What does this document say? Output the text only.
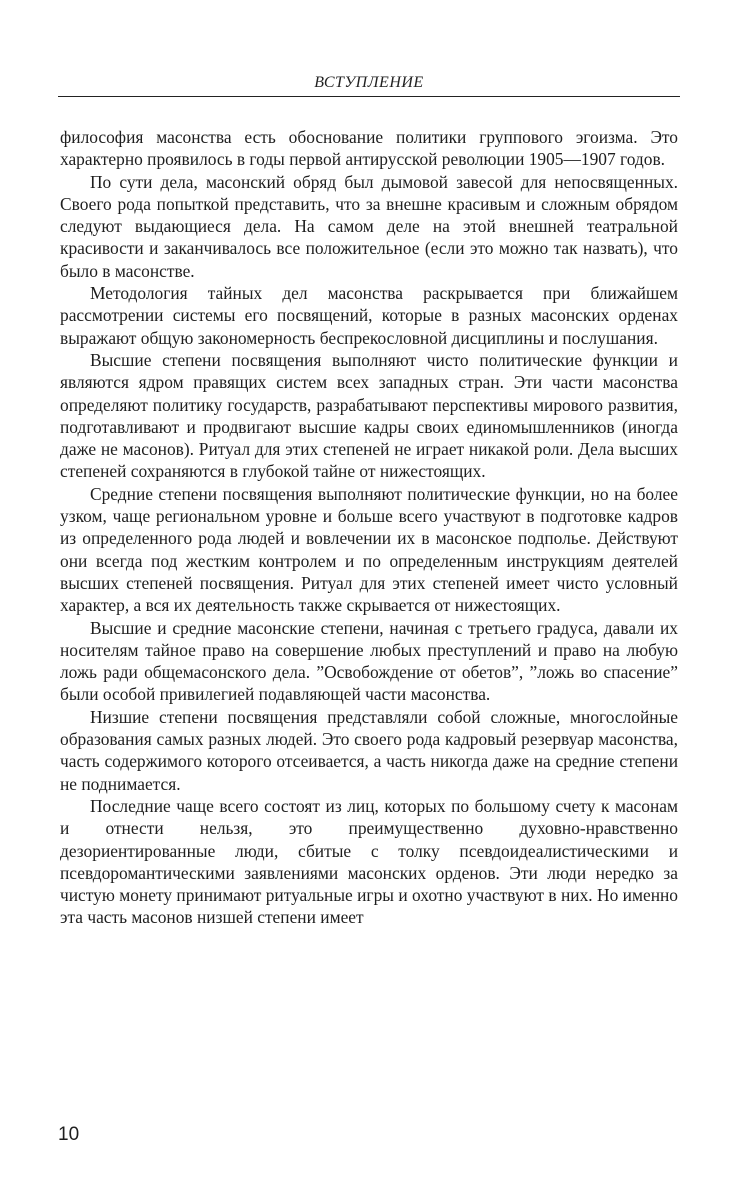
ВСТУПЛЕНИЕ

философия масонства есть обоснование политики группового эгоизма. Это характерно проявилось в годы первой антирусской революции 1905—1907 годов.

По сути дела, масонский обряд был дымовой завесой для непосвященных. Своего рода попыткой представить, что за внешне красивым и сложным обрядом следуют выдающиеся дела. На самом деле на этой внешней театральной красивости и заканчивалось все положительное (если это можно так назвать), что было в масонстве.

Методология тайных дел масонства раскрывается при ближайшем рассмотрении системы его посвящений, которые в разных масонских орденах выражают общую закономерность беспрекословной дисциплины и послушания.

Высшие степени посвящения выполняют чисто политические функции и являются ядром правящих систем всех западных стран. Эти части масонства определяют политику государств, разрабатывают перспективы мирового развития, подготавливают и продвигают высшие кадры своих единомышленников (иногда даже не масонов). Ритуал для этих степеней не играет никакой роли. Дела высших степеней сохраняются в глубокой тайне от нижестоящих.

Средние степени посвящения выполняют политические функции, но на более узком, чаще региональном уровне и больше всего участвуют в подготовке кадров из определенного рода людей и вовлечении их в масонское подполье. Действуют они всегда под жестким контролем и по определенным инструкциям деятелей высших степеней посвящения. Ритуал для этих степеней имеет чисто условный характер, а вся их деятельность также скрывается от нижестоящих.

Высшие и средние масонские степени, начиная с третьего градуса, давали их носителям тайное право на совершение любых преступлений и право на любую ложь ради общемасонского дела. ”Освобождение от обетов”, ”ложь во спасение” были особой привилегией подавляющей части масонства.

Низшие степени посвящения представляли собой сложные, многослойные образования самых разных людей. Это своего рода кадровый резервуар масонства, часть содержимого которого отсеивается, а часть никогда даже на средние степени не поднимается.

Последние чаще всего состоят из лиц, которых по большому счету к масонам и отнести нельзя, это преимущественно духовно-нравственно дезориентированные люди, сбитые с толку псевдоидеалистическими и псевдоромантическими заявлениями масонских орденов. Эти люди нередко за чистую монету принимают ритуальные игры и охотно участвуют в них. Но именно эта часть масонов низшей степени имеет

10
